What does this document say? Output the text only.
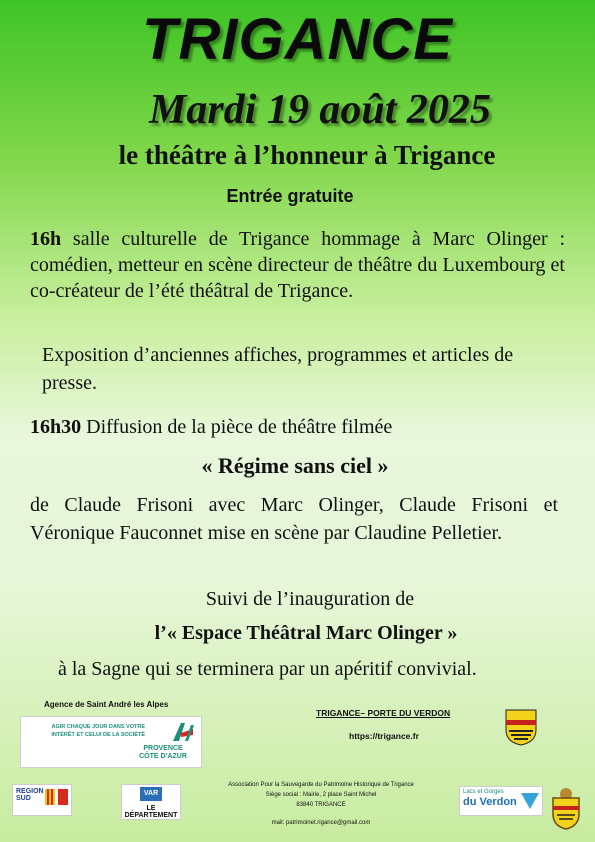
TRIGANCE
Mardi 19 août 2025
le théâtre à l’honneur à Trigance
Entrée gratuite
16h salle culturelle de Trigance hommage à Marc Olinger : comédien, metteur en scène directeur de théâtre du Luxembourg et co-créateur de l’été théâtral de Trigance.
Exposition d’anciennes affiches, programmes et articles de presse.
16h30 Diffusion de la pièce de théâtre filmée
« Régime sans ciel »
de Claude Frisoni avec Marc Olinger, Claude Frisoni et Véronique Fauconnet mise en scène par Claudine Pelletier.
Suivi de l’inauguration de
l’« Espace Théâtral Marc Olinger »
à la Sagne qui se terminera par un apéritif convivial.
Agence de Saint André les Alpes
AGIR CHAQUE JOUR DANS VOTRE INTÉRÊT ET CELUI DE LA SOCIÉTÉ
PROVENCE CÔTE D’AZUR
TRIGANCE– PORTE DU VERDON
https://trigance.fr
REGION SUD
VAR
LE DÉPARTEMENT
Association Pour la Sauvegarde du Patrimoine Historique de Trigance
Siège social : Mairie, 2 place Saint Michel
83840 TRIGANCE
mail: patrimoinet.rigance@gmail.com
Lacs et Gorges
du Verdon
